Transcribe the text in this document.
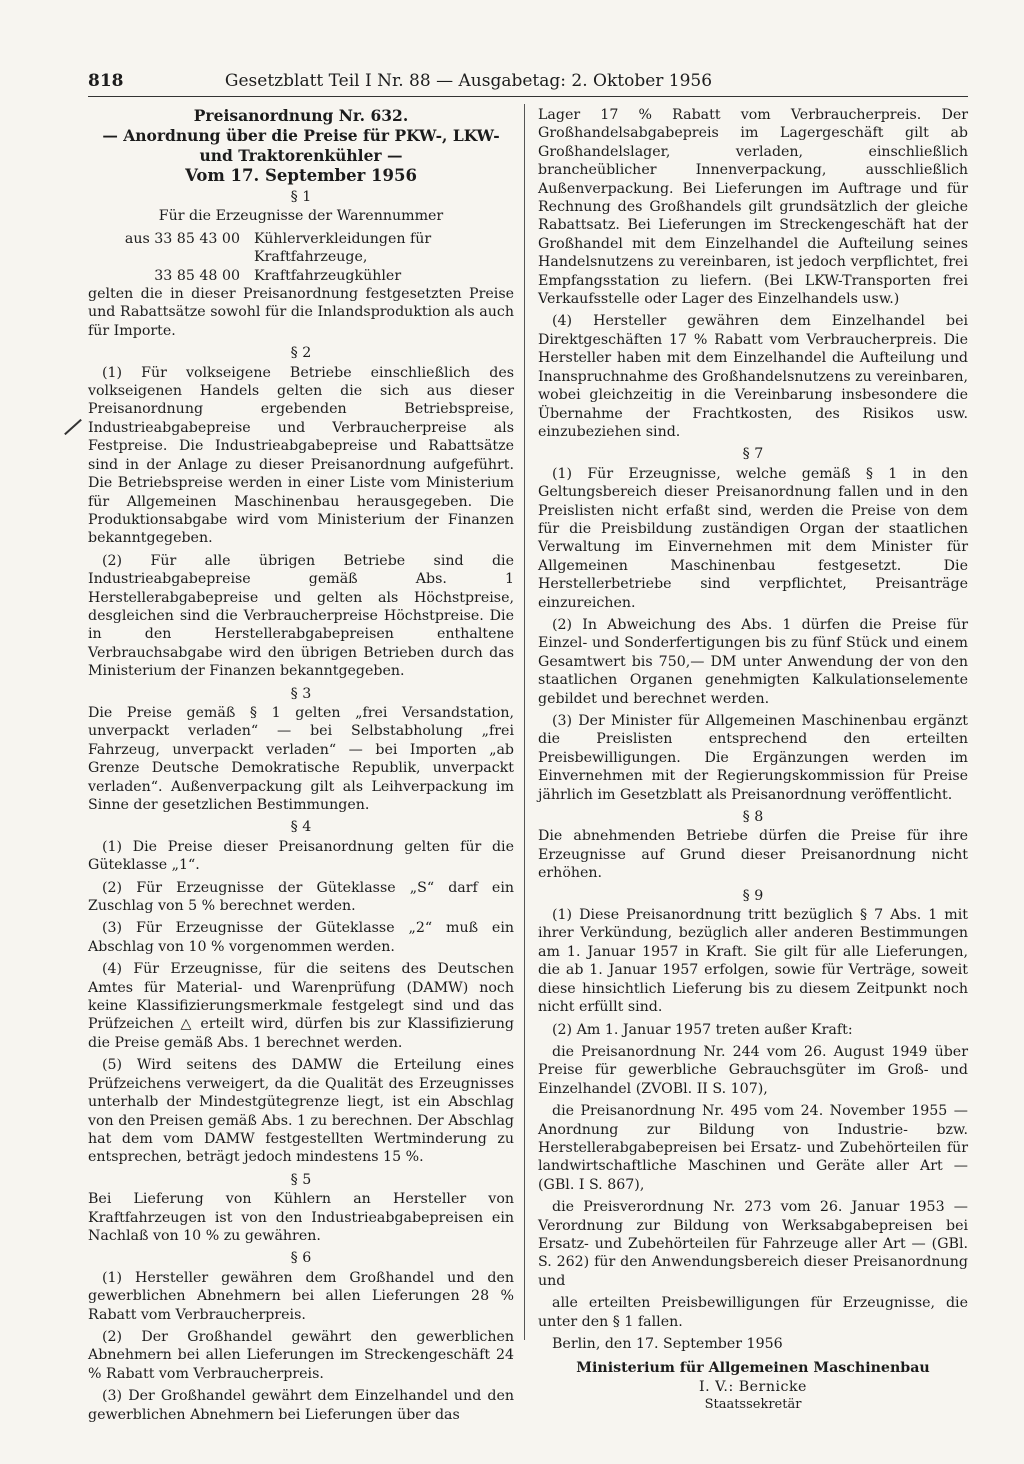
818	Gesetzblatt Teil I Nr. 88 — Ausgabetag: 2. Oktober 1956
Preisanordnung Nr. 632.
— Anordnung über die Preise für PKW-, LKW-
und Traktorenkühler —
Vom 17. September 1956
§ 1

Für die Erzeugnisse der Warennummer

aus 33 85 43 00 Kühlerverkleidungen für Kraftfahrzeuge,
33 85 48 00 Kraftfahrzeugkühler

gelten die in dieser Preisanordnung festgesetzten Preise und Rabattsätze sowohl für die Inlandsproduktion als auch für Importe.

§ 2

(1) Für volkseigene Betriebe einschließlich des volkseigenen Handels gelten die sich aus dieser Preisanordnung ergebenden Betriebspreise, Industrieabgabepreise und Verbraucherpreise als Festpreise. Die Industrieabgabepreise und Rabattsätze sind in der Anlage zu dieser Preisanordnung aufgeführt. Die Betriebspreise werden in einer Liste vom Ministerium für Allgemeinen Maschinenbau herausgegeben. Die Produktionsabgabe wird vom Ministerium der Finanzen bekanntgegeben.

(2) Für alle übrigen Betriebe sind die Industrieabgabepreise gemäß Abs. 1 Herstellerabgabepreise und gelten als Höchstpreise, desgleichen sind die Verbraucherpreise Höchstpreise. Die in den Herstellerabgabepreisen enthaltene Verbrauchsabgabe wird den übrigen Betrieben durch das Ministerium der Finanzen bekanntgegeben.

§ 3

Die Preise gemäß § 1 gelten „frei Versandstation, unverpackt verladen“ — bei Selbstabholung „frei Fahrzeug, unverpackt verladen“ — bei Importen „ab Grenze Deutsche Demokratische Republik, unverpackt verladen“. Außenverpackung gilt als Leihverpackung im Sinne der gesetzlichen Bestimmungen.

§ 4

(1) Die Preise dieser Preisanordnung gelten für die Güteklasse „1“.

(2) Für Erzeugnisse der Güteklasse „S“ darf ein Zuschlag von 5 % berechnet werden.

(3) Für Erzeugnisse der Güteklasse „2“ muß ein Abschlag von 10 % vorgenommen werden.

(4) Für Erzeugnisse, für die seitens des Deutschen Amtes für Material- und Warenprüfung (DAMW) noch keine Klassifizierungsmerkmale festgelegt sind und das Prüfzeichen △ erteilt wird, dürfen bis zur Klassifizierung die Preise gemäß Abs. 1 berechnet werden.

(5) Wird seitens des DAMW die Erteilung eines Prüfzeichens verweigert, da die Qualität des Erzeugnisses unterhalb der Mindestgütegrenze liegt, ist ein Abschlag von den Preisen gemäß Abs. 1 zu berechnen. Der Abschlag hat dem vom DAMW festgestellten Wertminderung zu entsprechen, beträgt jedoch mindestens 15 %.

§ 5

Bei Lieferung von Kühlern an Hersteller von Kraftfahrzeugen ist von den Industrieabgabepreisen ein Nachlaß von 10 % zu gewähren.

§ 6

(1) Hersteller gewähren dem Großhandel und den gewerblichen Abnehmern bei allen Lieferungen 28 % Rabatt vom Verbraucherpreis.

(2) Der Großhandel gewährt den gewerblichen Abnehmern bei allen Lieferungen im Streckengeschäft 24 % Rabatt vom Verbraucherpreis.

(3) Der Großhandel gewährt dem Einzelhandel und den gewerblichen Abnehmern bei Lieferungen über das

Lager 17 % Rabatt vom Verbraucherpreis. Der Großhandelsabgabepreis im Lagergeschäft gilt ab Großhandelslager, verladen, einschließlich brancheüblicher Innenverpackung, ausschließlich Außenverpackung. Bei Lieferungen im Auftrage und für Rechnung des Großhandels gilt grundsätzlich der gleiche Rabattsatz. Bei Lieferungen im Streckengeschäft hat der Großhandel mit dem Einzelhandel die Aufteilung seines Handelsnutzens zu vereinbaren, ist jedoch verpflichtet, frei Empfangsstation zu liefern. (Bei LKW-Transporten frei Verkaufsstelle oder Lager des Einzelhandels usw.)

(4) Hersteller gewähren dem Einzelhandel bei Direktgeschäften 17 % Rabatt vom Verbraucherpreis. Die Hersteller haben mit dem Einzelhandel die Aufteilung und Inanspruchnahme des Großhandelsnutzens zu vereinbaren, wobei gleichzeitig in die Vereinbarung insbesondere die Übernahme der Frachtkosten, des Risikos usw. einzubeziehen sind.

§ 7

(1) Für Erzeugnisse, welche gemäß § 1 in den Geltungsbereich dieser Preisanordnung fallen und in den Preislisten nicht erfaßt sind, werden die Preise von dem für die Preisbildung zuständigen Organ der staatlichen Verwaltung im Einvernehmen mit dem Minister für Allgemeinen Maschinenbau festgesetzt. Die Herstellerbetriebe sind verpflichtet, Preisanträge einzureichen.

(2) In Abweichung des Abs. 1 dürfen die Preise für Einzel- und Sonderfertigungen bis zu fünf Stück und einem Gesamtwert bis 750,— DM unter Anwendung der von den staatlichen Organen genehmigten Kalkulationselemente gebildet und berechnet werden.

(3) Der Minister für Allgemeinen Maschinenbau ergänzt die Preislisten entsprechend den erteilten Preisbewilligungen. Die Ergänzungen werden im Einvernehmen mit der Regierungskommission für Preise jährlich im Gesetzblatt als Preisanordnung veröffentlicht.

§ 8

Die abnehmenden Betriebe dürfen die Preise für ihre Erzeugnisse auf Grund dieser Preisanordnung nicht erhöhen.

§ 9

(1) Diese Preisanordnung tritt bezüglich § 7 Abs. 1 mit ihrer Verkündung, bezüglich aller anderen Bestimmungen am 1. Januar 1957 in Kraft. Sie gilt für alle Lieferungen, die ab 1. Januar 1957 erfolgen, sowie für Verträge, soweit diese hinsichtlich Lieferung bis zu diesem Zeitpunkt noch nicht erfüllt sind.

(2) Am 1. Januar 1957 treten außer Kraft:

die Preisanordnung Nr. 244 vom 26. August 1949 über Preise für gewerbliche Gebrauchsgüter im Groß- und Einzelhandel (ZVOBl. II S. 107),

die Preisanordnung Nr. 495 vom 24. November 1955 — Anordnung zur Bildung von Industrie- bzw. Herstellerabgabepreisen bei Ersatz- und Zubehörteilen für landwirtschaftliche Maschinen und Geräte aller Art — (GBl. I S. 867),

die Preisverordnung Nr. 273 vom 26. Januar 1953 — Verordnung zur Bildung von Werksabgabepreisen bei Ersatz- und Zubehörteilen für Fahrzeuge aller Art — (GBl. S. 262) für den Anwendungsbereich dieser Preisanordnung und

alle erteilten Preisbewilligungen für Erzeugnisse, die unter den § 1 fallen.

Berlin, den 17. September 1956

Ministerium für Allgemeinen Maschinenbau
I. V.: Bernicke
Staatssekretär
